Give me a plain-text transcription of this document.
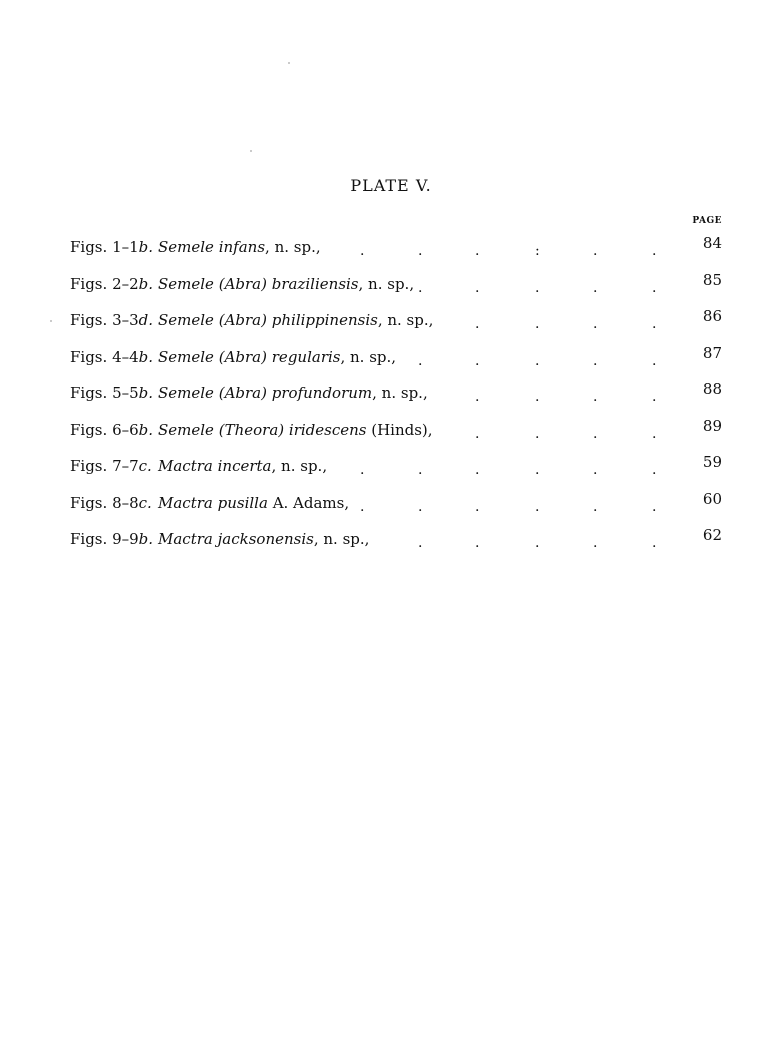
PLATE V.
PAGE
Figs. 1–1b. Semele infans, n. sp.,	.	.	.	:	.	.	84
Figs. 2–2b. Semele (Abra) braziliensis, n. sp., .	.	.	.	.	85
Figs. 3–3d. Semele (Abra) philippinensis, n. sp.,	.	.	.	.	86
Figs. 4–4b. Semele (Abra) regularis, n. sp., .	.	.	.	.	87
Figs. 5–5b. Semele (Abra) profundorum, n. sp.,	.	.	.	.	88
Figs. 6–6b. Semele (Theora) iridescens (Hinds),	.	.	.	.	89
Figs. 7–7c. Mactra incerta, n. sp., .	.	.	.	.	.	59
Figs. 8–8c. Mactra pusilla A. Adams, .	.	.	.	.	.	60
Figs. 9–9b. Mactra jacksonensis, n. sp.,	.	.	.	.	.	62
